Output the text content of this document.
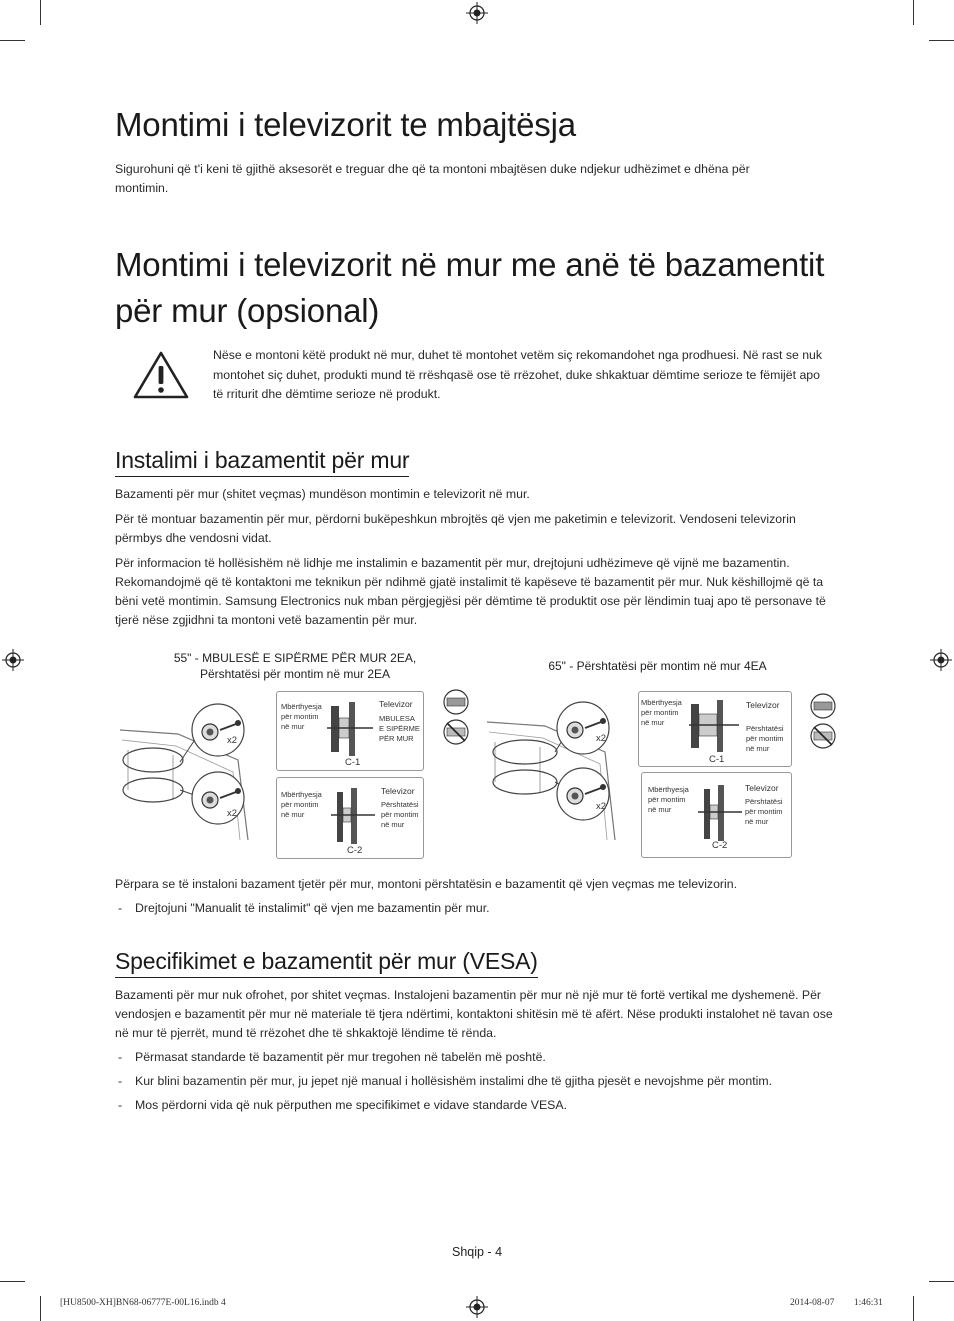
Montimi i televizorit te mbajtësja

Sigurohuni që t'i keni të gjithë aksesorët e treguar dhe që ta montoni mbajtësen duke ndjekur udhëzimet e dhëna për montimin.

Montimi i televizorit në mur me anë të bazamentit për mur (opsional)

Nëse e montoni këtë produkt në mur, duhet të montohet vetëm siç rekomandohet nga prodhuesi. Në rast se nuk montohet siç duhet, produkti mund të rrëshqasë ose të rrëzohet, duke shkaktuar dëmtime serioze te fëmijët apo të rriturit dhe dëmtime serioze në produkt.

Instalimi i bazamentit për mur

Bazamenti për mur (shitet veçmas) mundëson montimin e televizorit në mur.

Për të montuar bazamentin për mur, përdorni bukëpeshkun mbrojtës që vjen me paketimin e televizorit. Vendoseni televizorin përmbys dhe vendosni vidat.

Për informacion të hollësishëm në lidhje me instalimin e bazamentit për mur, drejtojuni udhëzimeve që vijnë me bazamentin. Rekomandojmë që të kontaktoni me teknikun për ndihmë gjatë instalimit të kapëseve të bazamentit për mur. Nuk këshillojmë që ta bëni vetë montimin. Samsung Electronics nuk mban përgjegjësi për dëmtime të produktit ose për lëndimin tuaj apo të personave të tjerë nëse zgjidhni ta montoni vetë bazamentin për mur.

55" - MBULESË E SIPËRME PËR MUR 2EA,
Përshtatësi për montim në mur 2EA
65" - Përshtatësi për montim në mur 4EA
x2
x2
Mbërthyesja
për montim
në mur
Televizor
MBULESA
E SIPËRME
PËR MUR
C-1
Mbërthyesja
për montim
në mur
Televizor
Përshtatësi
për montim
në mur
C-2
x2
x2
Mbërthyesja
për montim
në mur
Televizor
Përshtatësi
për montim
në mur
C-1
Mbërthyesja
për montim
në mur
Televizor
Përshtatësi
për montim
në mur
C-2

Përpara se të instaloni bazament tjetër për mur, montoni përshtatësin e bazamentit që vjen veçmas me televizorin.

- Drejtojuni "Manualit të instalimit" që vjen me bazamentin për mur.
Specifikimet e bazamentit për mur (VESA)

Bazamenti për mur nuk ofrohet, por shitet veçmas. Instalojeni bazamentin për mur në një mur të fortë vertikal me dyshemenë. Për vendosjen e bazamentit për mur në materiale të tjera ndërtimi, kontaktoni shitësin më të afërt. Nëse produkti instalohet në tavan ose në mur të pjerrët, mund të rrëzohet dhe të shkaktojë lëndime të rënda.

- Përmasat standarde të bazamentit për mur tregohen në tabelën më poshtë.
- Kur blini bazamentin për mur, ju jepet një manual i hollësishëm instalimi dhe të gjitha pjesët e nevojshme për montim.
- Mos përdorni vida që nuk përputhen me specifikimet e vidave standarde VESA.
Shqip - 4
[HU8500-XH]BN68-06777E-00L16.indb 4	2014-08-07 ￿￿ 1:46:31
